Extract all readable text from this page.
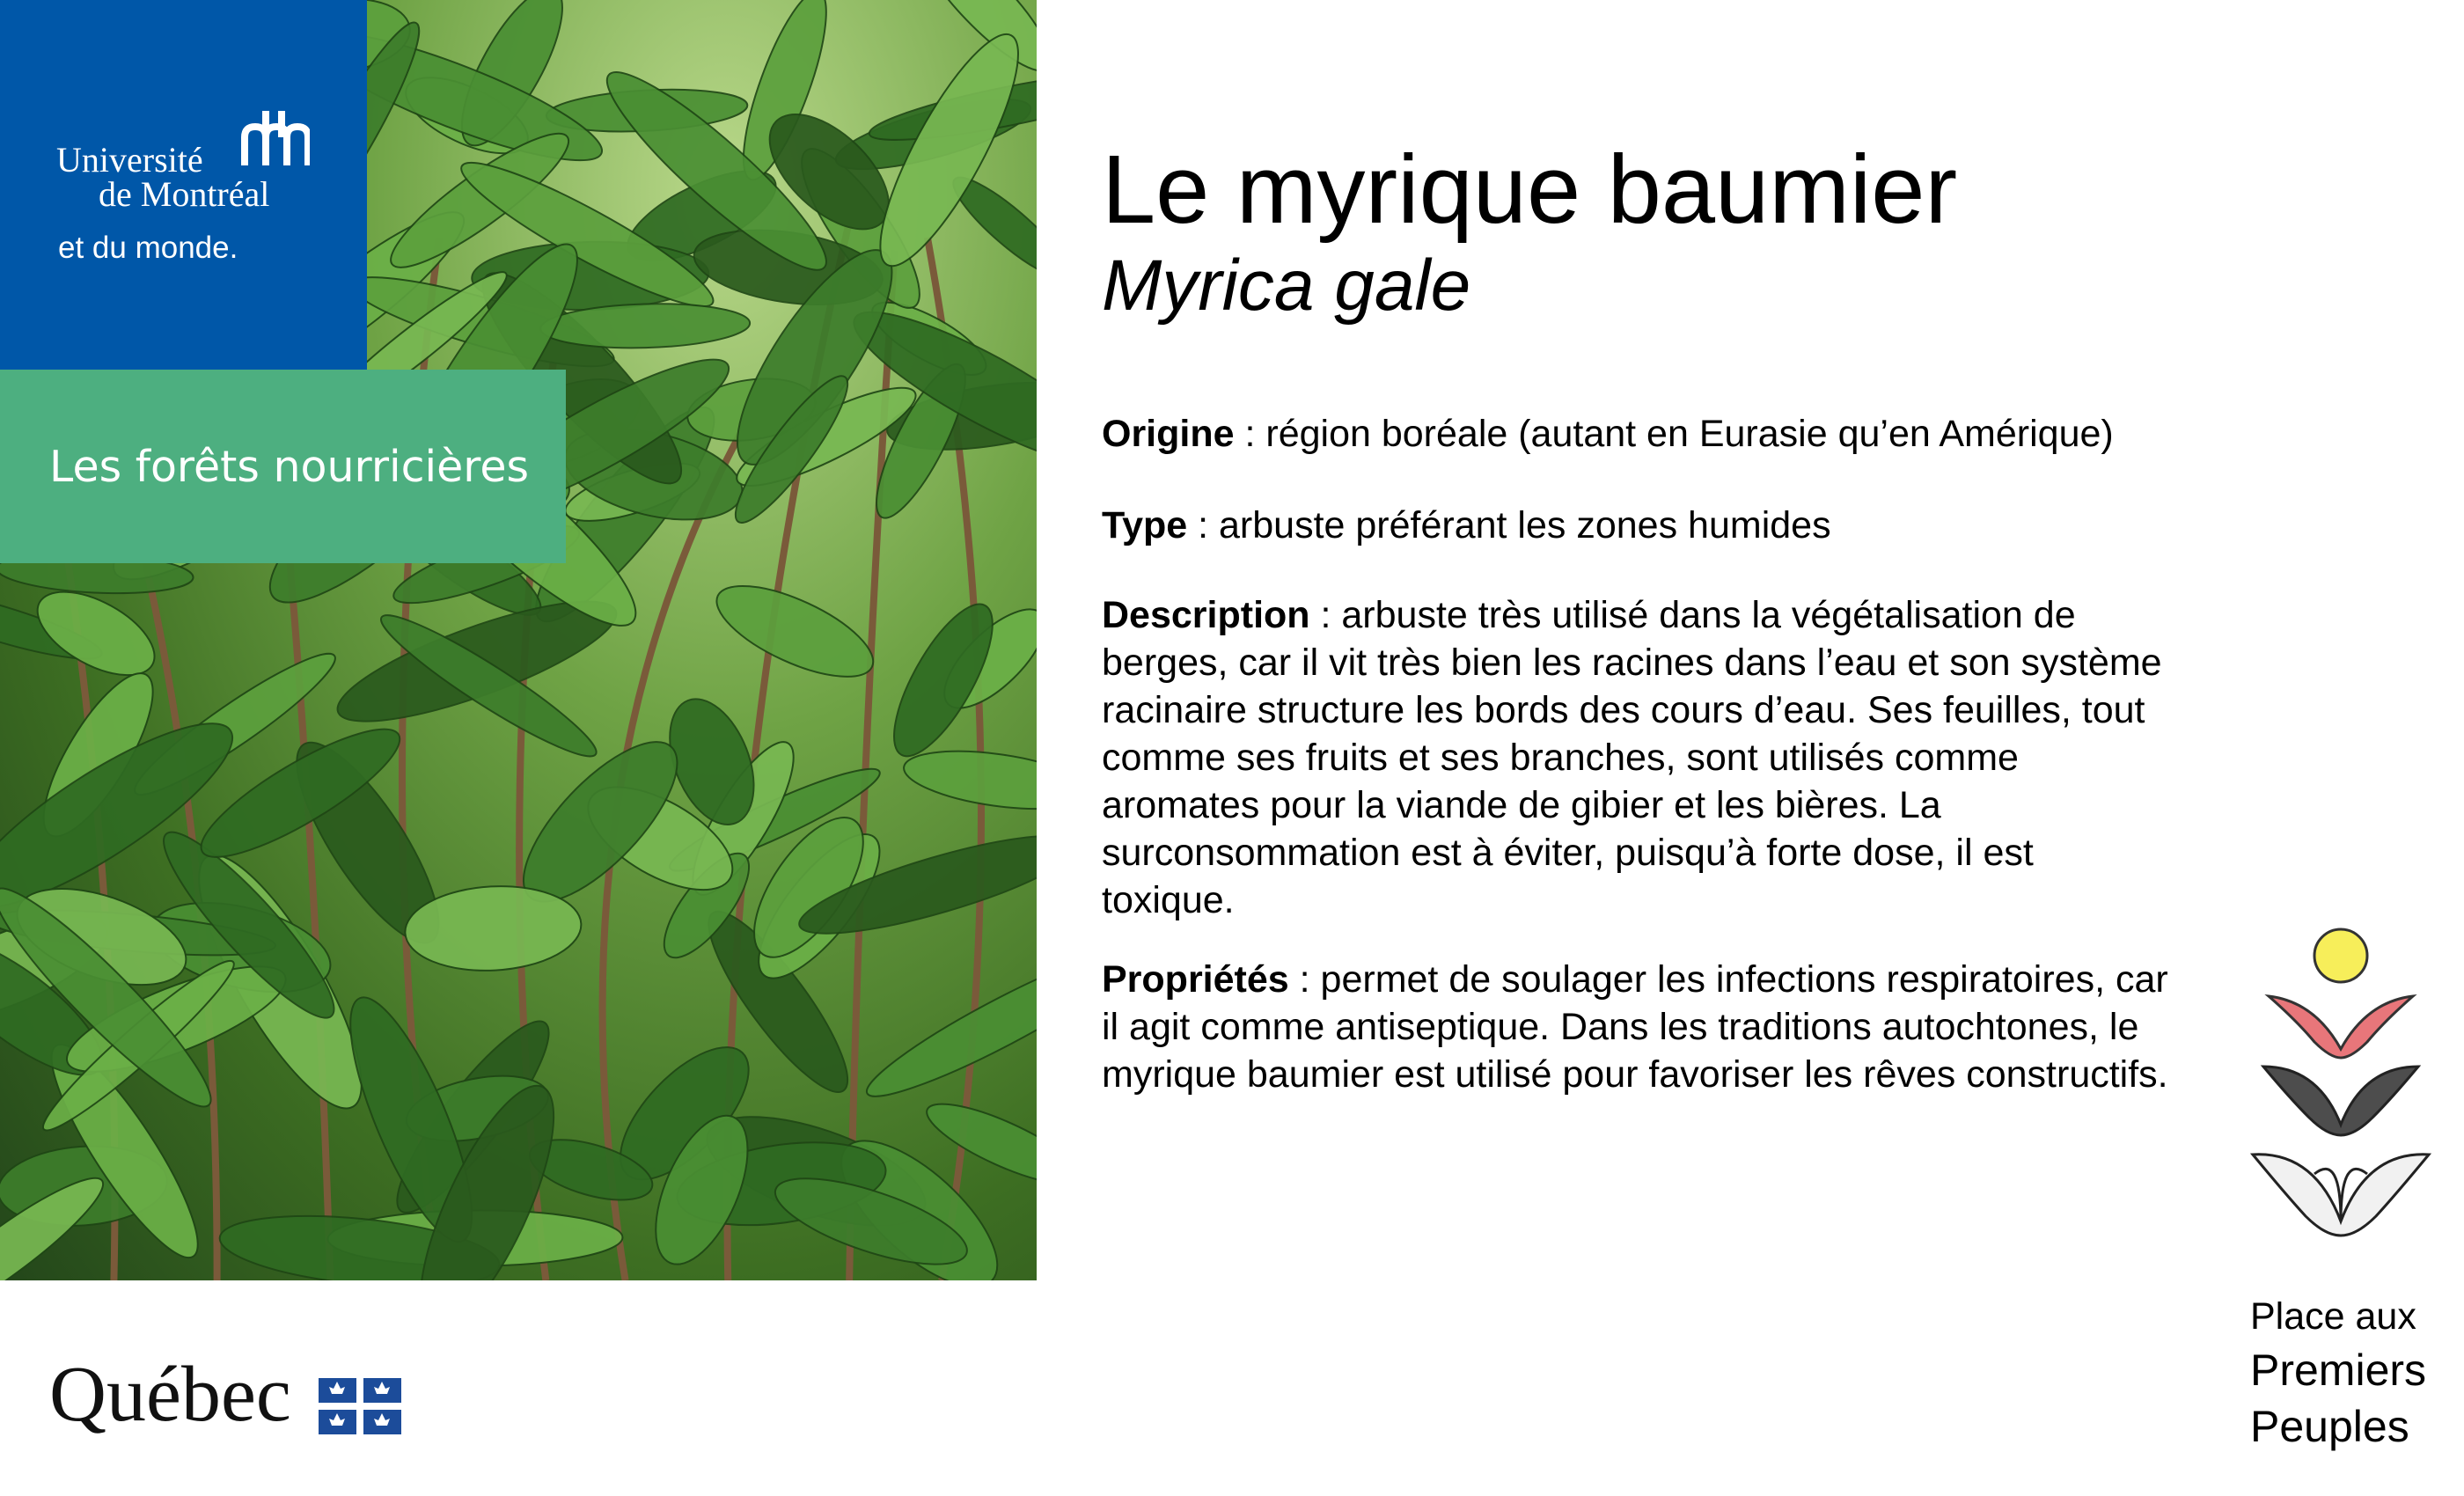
Université
de Montréal
et du monde.
Les forêts nourricières
Québec
Le myrique baumier
Myrica gale
Origine : région boréale (autant en Eurasie qu’en Amérique)
Type : arbuste préférant les zones humides
Description : arbuste très utilisé dans la végétalisation de berges, car il vit très bien les racines dans l’eau et son système racinaire structure les bords des cours d’eau. Ses feuilles, tout comme ses fruits et ses branches, sont utilisés comme aromates pour la viande de gibier et les bières. La surconsommation est à éviter, puisqu’à forte dose, il est toxique.
Propriétés : permet de soulager les infections respiratoires, car il agit comme antiseptique. Dans les traditions autochtones, le myrique baumier est utilisé pour favoriser les rêves constructifs.
Place aux
Premiers
Peuples
